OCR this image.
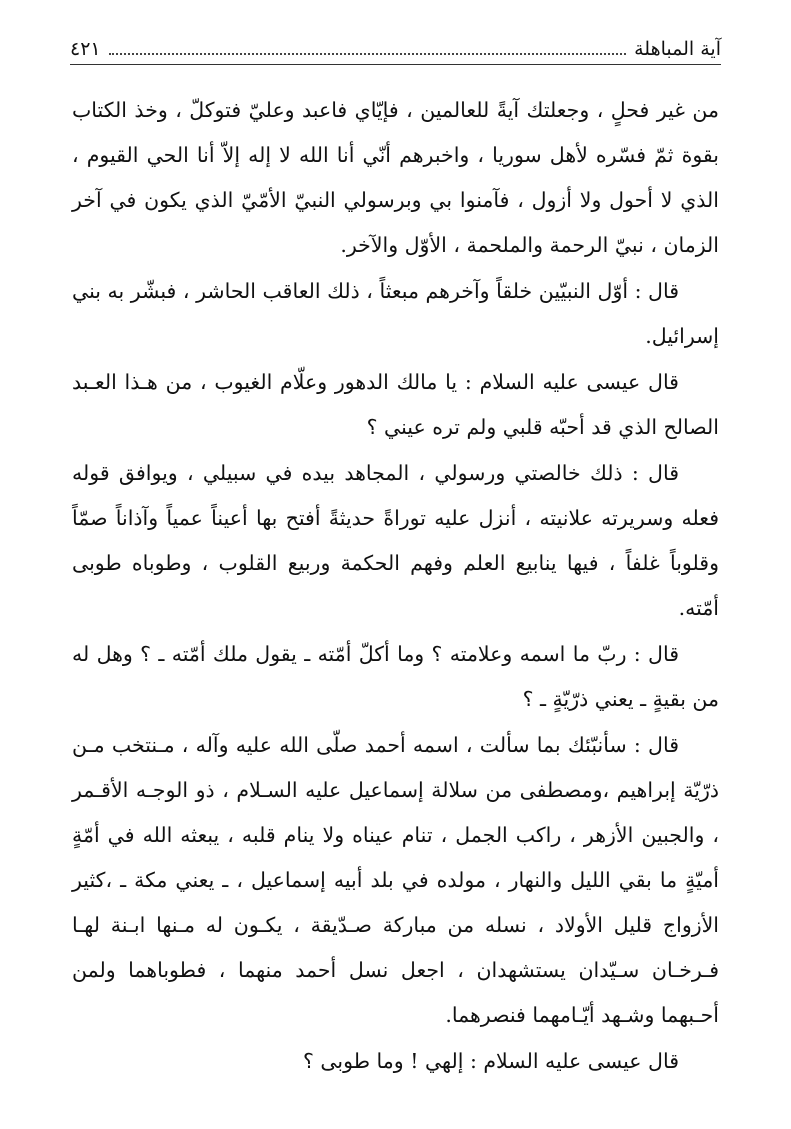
آية المباهلة
٤٢١

من غير فحلٍ ، وجعلتك آيةً للعالمين ، فإيّاي فاعبد وعليّ فتوكلّ ، وخذ الكتاب بقوة ثمّ فسّره لأهل سوريا ، واخبرهم أنّي أنا الله لا إله إلاّ أنا الحي القيوم ، الذي لا أحول ولا أزول ، فآمنوا بي وبرسولي النبيّ الأمّيّ الذي يكون في آخر الزمان ، نبيّ الرحمة والملحمة ، الأوّل والآخر.

قال : أوّل النبيّين خلقاً وآخرهم مبعثاً ، ذلك العاقب الحاشر ، فبشّر به بني إسرائيل.

قال عيسى عليه السلام : يا مالك الدهور وعلّام الغيوب ، من هـذا العـبد الصالح الذي قد أحبّه قلبي ولم تره عيني ؟

قال : ذلك خالصتي ورسولي ، المجاهد بيده في سبيلي ، ويوافق قوله فعله وسريرته علانيته ، أنزل عليه توراةً حديثةً أفتح بها أعيناً عمياً وآذاناً صمّاً وقلوباً غلفاً ، فيها ينابيع العلم وفهم الحكمة وربيع القلوب ، وطوباه طوبى أمّته.

قال : ربّ ما اسمه وعلامته ؟ وما أكلّ أمّته ـ يقول ملك أمّته ـ ؟ وهل له من بقيةٍ ـ يعني ذرّيّةٍ ـ ؟

قال : سأنبّئك بما سألت ، اسمه أحمد صلّى الله عليه وآله ، مـنتخب مـن ذرّيّة إبراهيم ،ومصطفى من سلالة إسماعيل عليه السـلام ، ذو الوجـه الأقـمر ، والجبين الأزهر ، راكب الجمل ، تنام عيناه ولا ينام قلبه ، يبعثه الله في أمّةٍ أميّةٍ ما بقي الليل والنهار ، مولده في بلد أبيه إسماعيل ، ـ يعني مكة ـ ،كثير الأزواج قليل الأولاد ، نسله من مباركة صـدّيقة ، يكـون له مـنها ابـنة لهـا فـرخـان سـيّدان يستشهدان ، اجعل نسل أحمد منهما ، فطوباهما ولمن أحـبهما وشـهد أيّـامهما فنصرهما.

قال عيسى عليه السلام : إلهي ! وما طوبى ؟
